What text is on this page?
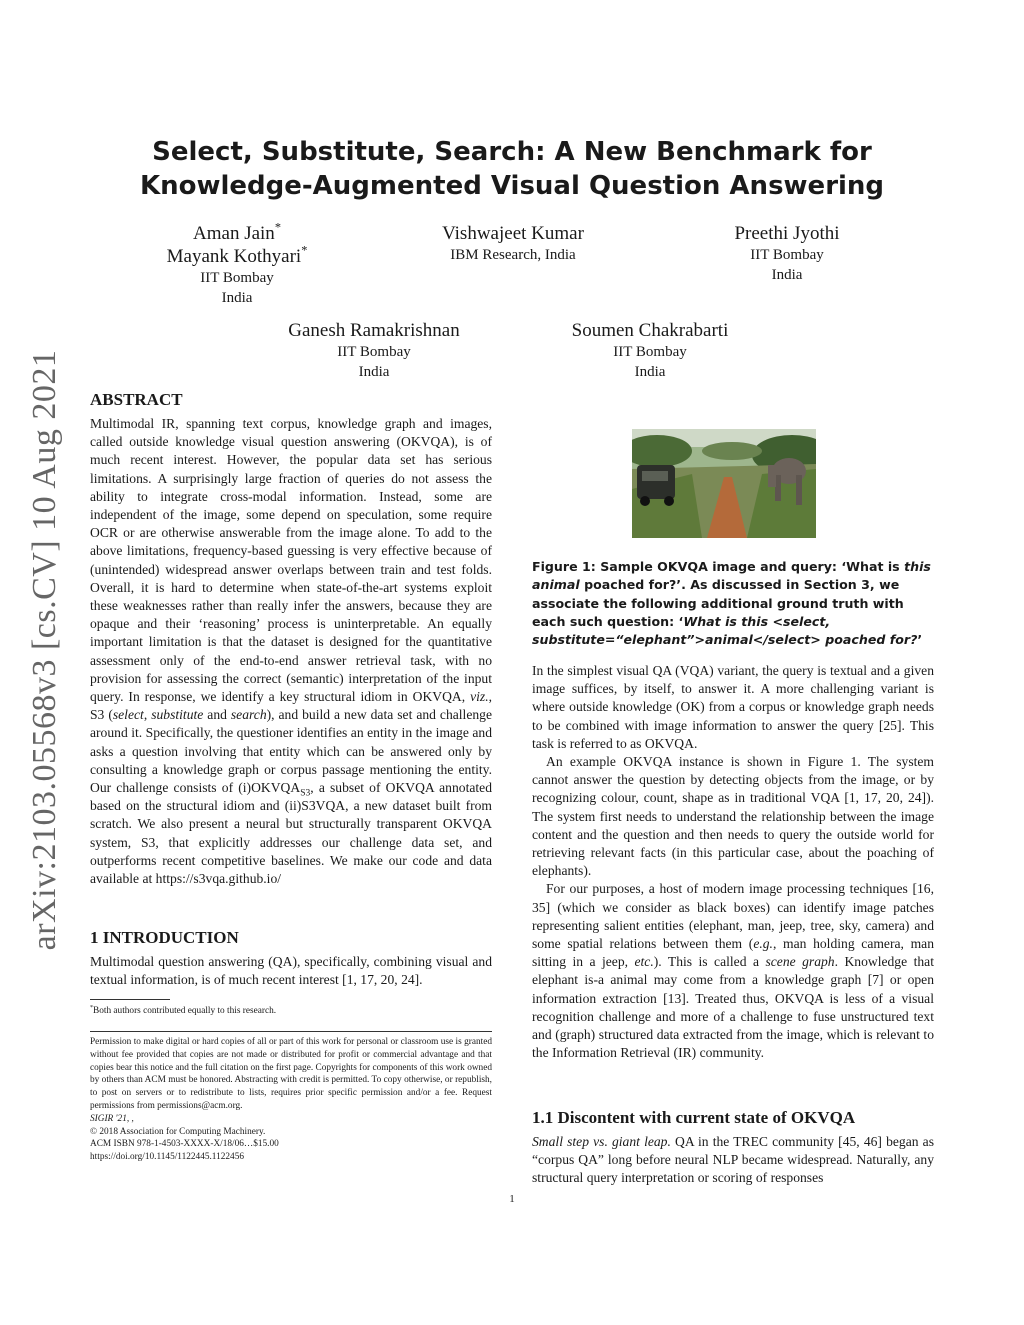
arXiv:2103.05568v3 [cs.CV] 10 Aug 2021
Select, Substitute, Search: A New Benchmark for
Knowledge-Augmented Visual Question Answering
Aman Jain*
Mayank Kothyari*
IIT Bombay
India
Vishwajeet Kumar
IBM Research, India
Preethi Jyothi
IIT Bombay
India
Ganesh Ramakrishnan
IIT Bombay
India
Soumen Chakrabarti
IIT Bombay
India
ABSTRACT

Multimodal IR, spanning text corpus, knowledge graph and images, called outside knowledge visual question answering (OKVQA), is of much recent interest. However, the popular data set has serious limitations. A surprisingly large fraction of queries do not assess the ability to integrate cross-modal information. Instead, some are independent of the image, some depend on speculation, some require OCR or are otherwise answerable from the image alone. To add to the above limitations, frequency-based guessing is very effective because of (unintended) widespread answer overlaps between train and test folds. Overall, it is hard to determine when state-of-the-art systems exploit these weaknesses rather than really infer the answers, because they are opaque and their ‘reasoning’ process is uninterpretable. An equally important limitation is that the dataset is designed for the quantitative assessment only of the end-to-end answer retrieval task, with no provision for assessing the correct (semantic) interpretation of the input query. In response, we identify a key structural idiom in OKVQA, viz., S3 (select, substitute and search), and build a new data set and challenge around it. Specifically, the questioner identifies an entity in the image and asks a question involving that entity which can be answered only by consulting a knowledge graph or corpus passage mentioning the entity. Our challenge consists of $(i)OKVQA_{S3}$, a subset of OKVQA annotated based on the structural idiom and (ii)S3VQA, a new dataset built from scratch. We also present a neural but structurally transparent OKVQA system, S3, that explicitly addresses our challenge data set, and outperforms recent competitive baselines. We make our code and data available at https://s3vqa.github.io/

1 INTRODUCTION
Multimodal question answering (QA), specifically, combining visual and textual information, is of much recent interest [1, 17, 20, 24].
*Both authors contributed equally to this research.
Permission to make digital or hard copies of all or part of this work for personal or classroom use is granted without fee provided that copies are not made or distributed for profit or commercial advantage and that copies bear this notice and the full citation on the first page. Copyrights for components of this work owned by others than ACM must be honored. Abstracting with credit is permitted. To copy otherwise, or republish, to post on servers or to redistribute to lists, requires prior specific permission and/or a fee. Request permissions from permissions@acm.org.
SIGIR '21, ,
© 2018 Association for Computing Machinery.
ACM ISBN 978-1-4503-XXXX-X/18/06…$15.00
https://doi.org/10.1145/1122445.1122456
Figure 1: Sample OKVQA image and query: ‘What is this animal poached for?’. As discussed in Section 3, we associate the following additional ground truth with each such question: ‘What is this <select, substitute=“elephant”>animal</select> poached for?’

In the simplest visual QA (VQA) variant, the query is textual and a given image suffices, by itself, to answer it. A more challenging variant is where outside knowledge (OK) from a corpus or knowledge graph needs to be combined with image information to answer the query [25]. This task is referred to as OKVQA.

An example OKVQA instance is shown in Figure 1. The system cannot answer the question by detecting objects from the image, or by recognizing colour, count, shape as in traditional VQA [1, 17, 20, 24]). The system first needs to understand the relationship between the image content and the question and then needs to query the outside world for retrieving relevant facts (in this particular case, about the poaching of elephants).

For our purposes, a host of modern image processing techniques [16, 35] (which we consider as black boxes) can identify image patches representing salient entities (elephant, man, jeep, tree, sky, camera) and some spatial relations between them (e.g., man holding camera, man sitting in a jeep, etc.). This is called a scene graph. Knowledge that elephant is-a animal may come from a knowledge graph [7] or open information extraction [13]. Treated thus, OKVQA is less of a visual recognition challenge and more of a challenge to fuse unstructured text and (graph) structured data extracted from the image, which is relevant to the Information Retrieval (IR) community.

1.1 Discontent with current state of OKVQA
Small step vs. giant leap. QA in the TREC community [45, 46] began as “corpus QA” long before neural NLP became widespread. Naturally, any structural query interpretation or scoring of responses
1
